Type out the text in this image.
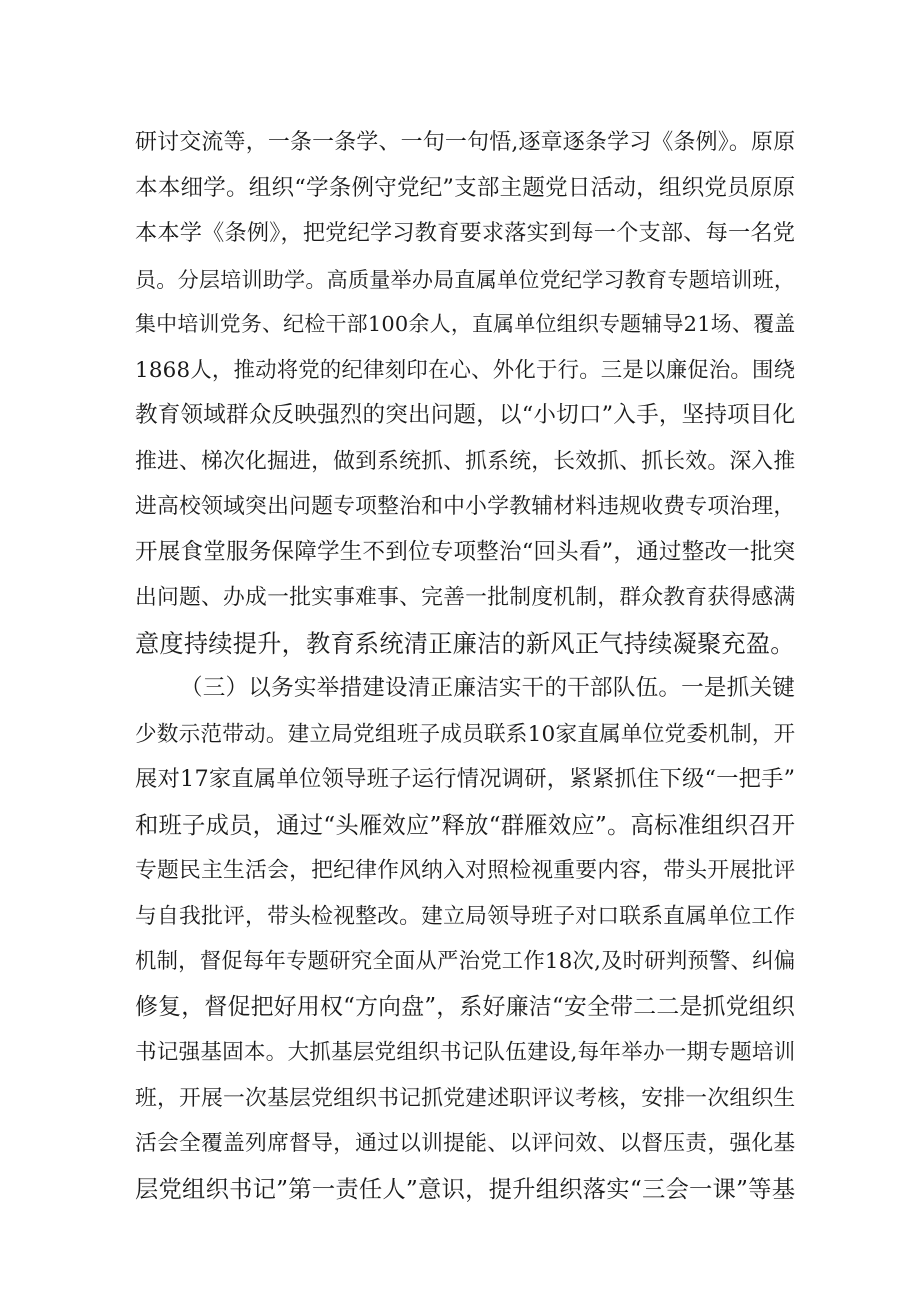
研讨交流等，一条一条学、一句一句悟,逐章逐条学习《条例》。原原
本本细学。组织“学条例守党纪”支部主题党日活动，组织党员原原
本本学《条例》，把党纪学习教育要求落实到每一个支部、每一名党
员。分层培训助学。高质量举办局直属单位党纪学习教育专题培训班，
集中培训党务、纪检干部100余人，直属单位组织专题辅导21场、覆盖
1868人，推动将党的纪律刻印在心、外化于行。三是以廉促治。围绕
教育领域群众反映强烈的突出问题，以“小切口”入手，坚持项目化
推进、梯次化掘进，做到系统抓、抓系统，长效抓、抓长效。深入推
进高校领域突出问题专项整治和中小学教辅材料违规收费专项治理，
开展食堂服务保障学生不到位专项整治“回头看”，通过整改一批突
出问题、办成一批实事难事、完善一批制度机制，群众教育获得感满
意度持续提升，教育系统清正廉洁的新风正气持续凝聚充盈。
（三）以务实举措建设清正廉洁实干的干部队伍。一是抓关键
少数示范带动。建立局党组班子成员联系10家直属单位党委机制，开
展对17家直属单位领导班子运行情况调研，紧紧抓住下级“一把手”
和班子成员，通过“头雁效应”释放“群雁效应”。高标准组织召开
专题民主生活会，把纪律作风纳入对照检视重要内容，带头开展批评
与自我批评，带头检视整改。建立局领导班子对口联系直属单位工作
机制，督促每年专题研究全面从严治党工作18次,及时研判预警、纠偏
修复，督促把好用权“方向盘”，系好廉洁“安全带二二是抓党组织
书记强基固本。大抓基层党组织书记队伍建设,每年举办一期专题培训
班，开展一次基层党组织书记抓党建述职评议考核，安排一次组织生
活会全覆盖列席督导，通过以训提能、以评问效、以督压责，强化基
层党组织书记”第一责任人”意识，提升组织落实“三会一课”等基
